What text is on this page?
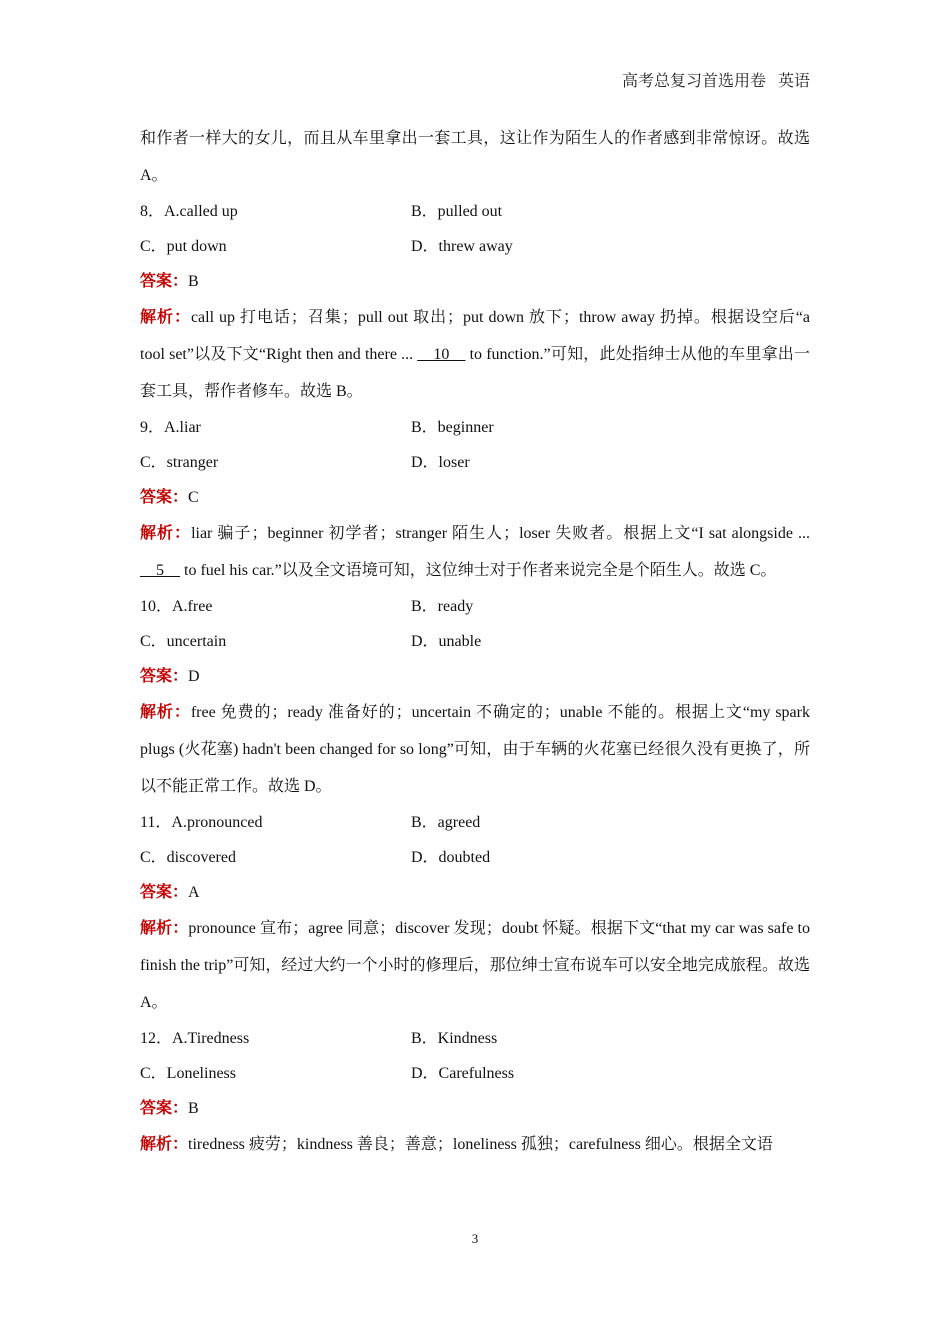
高考总复习首选用卷 英语
和作者一样大的女儿，而且从车里拿出一套工具，这让作为陌生人的作者感到非常惊讶。故选 A。
8．A.called up	B．pulled out
C．put down	D．threw away
答案：B
解析：call up 打电话；召集；pull out 取出；put down 放下；throw away 扔掉。根据设空后“a tool set”以及下文“Right then and there ... __10__ to function.”可知，此处指绅士从他的车里拿出一套工具，帮作者修车。故选 B。
9．A.liar	B．beginner
C．stranger	D．loser
答案：C
解析：liar 骗子；beginner 初学者；stranger 陌生人；loser 失败者。根据上文“I sat alongside ... __5__ to fuel his car.”以及全文语境可知，这位绅士对于作者来说完全是个陌生人。故选 C。
10．A.free	B．ready
C．uncertain	D．unable
答案：D
解析：free 免费的；ready 准备好的；uncertain 不确定的；unable 不能的。根据上文“my spark plugs (火花塞) hadn't been changed for so long”可知，由于车辆的火花塞已经很久没有更换了，所以不能正常工作。故选 D。
11．A.pronounced	B．agreed
C．discovered	D．doubted
答案：A
解析：pronounce 宣布；agree 同意；discover 发现；doubt 怀疑。根据下文“that my car was safe to finish the trip”可知，经过大约一个小时的修理后，那位绅士宣布说车可以安全地完成旅程。故选 A。
12．A.Tiredness	B．Kindness
C．Loneliness	D．Carefulness
答案：B
解析：tiredness 疲劳；kindness 善良；善意；loneliness 孤独；carefulness 细心。根据全文语
3
